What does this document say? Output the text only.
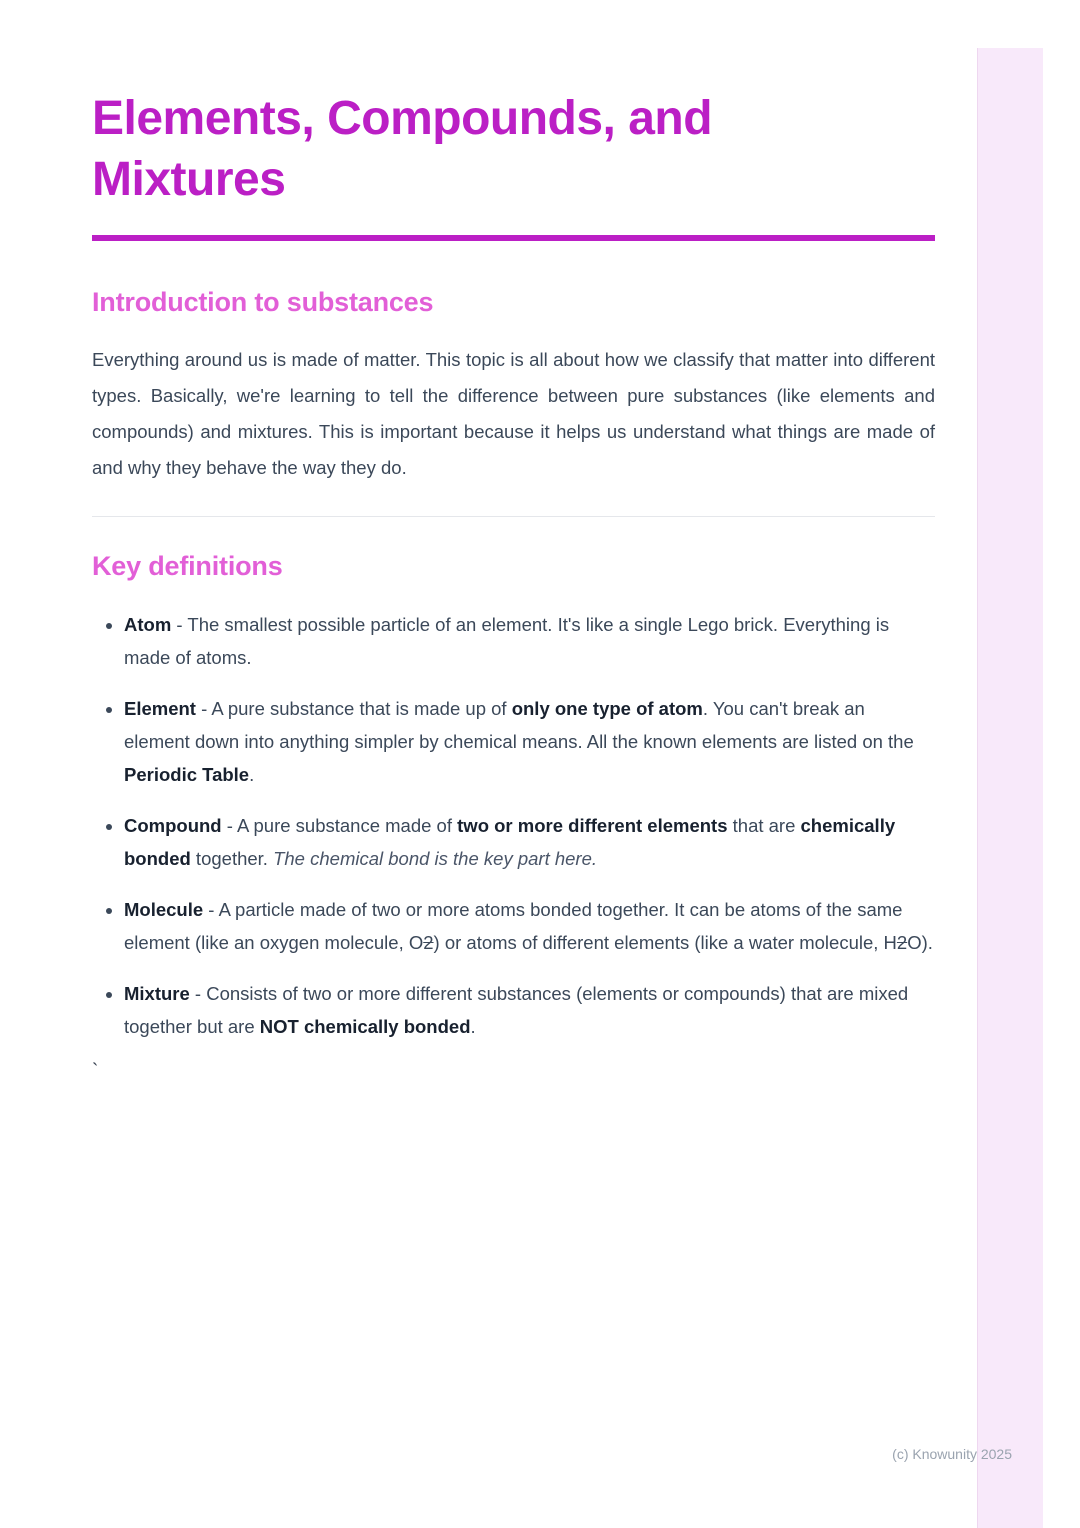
Elements, Compounds, and Mixtures
Introduction to substances

Everything around us is made of matter. This topic is all about how we classify that matter into different types. Basically, we're learning to tell the difference between pure substances (like elements and compounds) and mixtures. This is important because it helps us understand what things are made of and why they behave the way they do.

Key definitions
• Atom - The smallest possible particle of an element. It's like a single Lego brick. Everything is made of atoms.
• Element - A pure substance that is made up of only one type of atom. You can't break an element down into anything simpler by chemical means. All the known elements are listed on the Periodic Table.
• Compound - A pure substance made of two or more different elements that are chemically bonded together. The chemical bond is the key part here.
• Molecule - A particle made of two or more atoms bonded together. It can be atoms of the same element (like an oxygen molecule, O2) or atoms of different elements (like a water molecule, H2O).
• Mixture - Consists of two or more different substances (elements or compounds) that are mixed together but are NOT chemically bonded.
`
(c) Knowunity 2025
